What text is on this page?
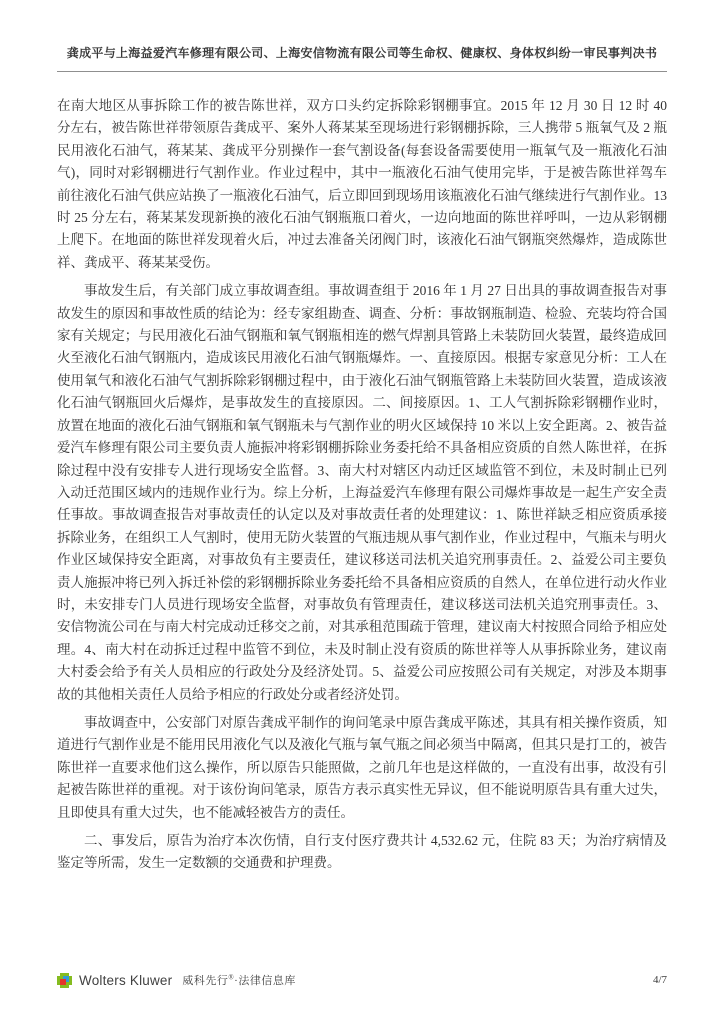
龚成平与上海益爱汽车修理有限公司、上海安信物流有限公司等生命权、健康权、身体权纠纷一审民事判决书

在南大地区从事拆除工作的被告陈世祥，双方口头约定拆除彩钢棚事宜。2015 年 12 月 30 日 12 时 40 分左右，被告陈世祥带领原告龚成平、案外人蒋某某至现场进行彩钢棚拆除，三人携带 5 瓶氧气及 2 瓶民用液化石油气，蒋某某、龚成平分别操作一套气割设备(每套设备需要使用一瓶氧气及一瓶液化石油气)，同时对彩钢棚进行气割作业。作业过程中，其中一瓶液化石油气使用完毕，于是被告陈世祥驾车前往液化石油气供应站换了一瓶液化石油气，后立即回到现场用该瓶液化石油气继续进行气割作业。13 时 25 分左右，蒋某某发现新换的液化石油气钢瓶瓶口着火，一边向地面的陈世祥呼叫，一边从彩钢棚上爬下。在地面的陈世祥发现着火后，冲过去准备关闭阀门时，该液化石油气钢瓶突然爆炸，造成陈世祥、龚成平、蒋某某受伤。

事故发生后，有关部门成立事故调查组。事故调查组于 2016 年 1 月 27 日出具的事故调查报告对事故发生的原因和事故性质的结论为：经专家组勘查、调查、分析：事故钢瓶制造、检验、充装均符合国家有关规定；与民用液化石油气钢瓶和氧气钢瓶相连的燃气焊割具管路上未装防回火装置，最终造成回火至液化石油气钢瓶内，造成该民用液化石油气钢瓶爆炸。一、直接原因。根据专家意见分析：工人在使用氧气和液化石油气气割拆除彩钢棚过程中，由于液化石油气钢瓶管路上未装防回火装置，造成该液化石油气钢瓶回火后爆炸，是事故发生的直接原因。二、间接原因。1、工人气割拆除彩钢棚作业时，放置在地面的液化石油气钢瓶和氧气钢瓶未与气割作业的明火区域保持 10 米以上安全距离。2、被告益爱汽车修理有限公司主要负责人施振冲将彩钢棚拆除业务委托给不具备相应资质的自然人陈世祥，在拆除过程中没有安排专人进行现场安全监督。3、南大村对辖区内动迁区域监管不到位，未及时制止已列入动迁范围区域内的违规作业行为。综上分析，上海益爱汽车修理有限公司爆炸事故是一起生产安全责任事故。事故调查报告对事故责任的认定以及对事故责任者的处理建议：1、陈世祥缺乏相应资质承接拆除业务，在组织工人气割时，使用无防火装置的气瓶违规从事气割作业，作业过程中，气瓶未与明火作业区域保持安全距离，对事故负有主要责任，建议移送司法机关追究刑事责任。2、益爱公司主要负责人施振冲将已列入拆迁补偿的彩钢棚拆除业务委托给不具备相应资质的自然人，在单位进行动火作业时，未安排专门人员进行现场安全监督，对事故负有管理责任，建议移送司法机关追究刑事责任。3、安信物流公司在与南大村完成动迁移交之前，对其承租范围疏于管理，建议南大村按照合同给予相应处理。4、南大村在动拆迁过程中监管不到位，未及时制止没有资质的陈世祥等人从事拆除业务，建议南大村委会给予有关人员相应的行政处分及经济处罚。5、益爱公司应按照公司有关规定，对涉及本期事故的其他相关责任人员给予相应的行政处分或者经济处罚。

事故调查中，公安部门对原告龚成平制作的询问笔录中原告龚成平陈述，其具有相关操作资质，知道进行气割作业是不能用民用液化气以及液化气瓶与氧气瓶之间必须当中隔离，但其只是打工的，被告陈世祥一直要求他们这么操作，所以原告只能照做，之前几年也是这样做的，一直没有出事，故没有引起被告陈世祥的重视。对于该份询问笔录，原告方表示真实性无异议，但不能说明原告具有重大过失，且即使具有重大过失，也不能减轻被告方的责任。

二、事发后，原告为治疗本次伤情，自行支付医疗费共计 4,532.62 元，住院 83 天；为治疗病情及鉴定等所需，发生一定数额的交通费和护理费。

Wolters Kluwer 威科先行®·法律信息库	4/7
